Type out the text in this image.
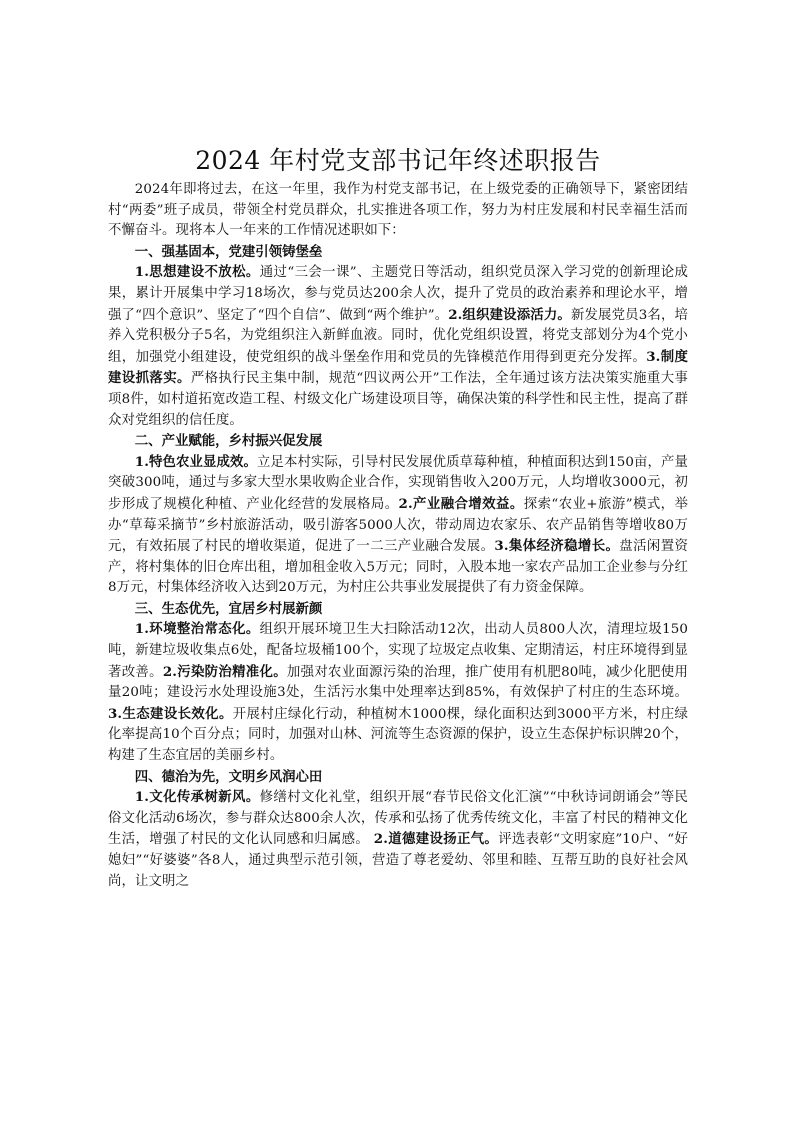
2024 年村党支部书记年终述职报告

2024年即将过去，在这一年里，我作为村党支部书记，在上级党委的正确领导下，紧密团结村“两委”班子成员，带领全村党员群众，扎实推进各项工作，努力为村庄发展和村民幸福生活而不懈奋斗。现将本人一年来的工作情况述职如下：

一、强基固本，党建引领铸堡垒

1.思想建设不放松。通过“三会一课”、主题党日等活动，组织党员深入学习党的创新理论成果，累计开展集中学习18场次，参与党员达200余人次，提升了党员的政治素养和理论水平，增强了“四个意识”、坚定了“四个自信”、做到“两个维护”。2.组织建设添活力。新发展党员3名，培养入党积极分子5名，为党组织注入新鲜血液。同时，优化党组织设置，将党支部划分为4个党小组，加强党小组建设，使党组织的战斗堡垒作用和党员的先锋模范作用得到更充分发挥。3.制度建设抓落实。严格执行民主集中制，规范“四议两公开”工作法，全年通过该方法决策实施重大事项8件，如村道拓宽改造工程、村级文化广场建设项目等，确保决策的科学性和民主性，提高了群众对党组织的信任度。

二、产业赋能，乡村振兴促发展

1.特色农业显成效。立足本村实际，引导村民发展优质草莓种植，种植面积达到150亩，产量突破300吨，通过与多家大型水果收购企业合作，实现销售收入200万元，人均增收3000元，初步形成了规模化种植、产业化经营的发展格局。2.产业融合增效益。探索“农业+旅游”模式，举办“草莓采摘节”乡村旅游活动，吸引游客5000人次，带动周边农家乐、农产品销售等增收80万元，有效拓展了村民的增收渠道，促进了一二三产业融合发展。3.集体经济稳增长。盘活闲置资产，将村集体的旧仓库出租，增加租金收入5万元；同时，入股本地一家农产品加工企业参与分红8万元，村集体经济收入达到20万元，为村庄公共事业发展提供了有力资金保障。

三、生态优先，宜居乡村展新颜

1.环境整治常态化。组织开展环境卫生大扫除活动12次，出动人员800人次，清理垃圾150吨，新建垃圾收集点6处，配备垃圾桶100个，实现了垃圾定点收集、定期清运，村庄环境得到显著改善。2.污染防治精准化。加强对农业面源污染的治理，推广使用有机肥80吨，减少化肥使用量20吨；建设污水处理设施3处，生活污水集中处理率达到85%，有效保护了村庄的生态环境。3.生态建设长效化。开展村庄绿化行动，种植树木1000棵，绿化面积达到3000平方米，村庄绿化率提高10个百分点；同时，加强对山林、河流等生态资源的保护，设立生态保护标识牌20个，构建了生态宜居的美丽乡村。

四、德治为先，文明乡风润心田

1.文化传承树新风。修缮村文化礼堂，组织开展“春节民俗文化汇演”“中秋诗词朗诵会”等民俗文化活动6场次，参与群众达800余人次，传承和弘扬了优秀传统文化，丰富了村民的精神文化生活，增强了村民的文化认同感和归属感。 2.道德建设扬正气。评选表彰“文明家庭”10户、“好媳妇”“好婆婆”各8人，通过典型示范引领，营造了尊老爱幼、邻里和睦、互帮互助的良好社会风尚，让文明之
